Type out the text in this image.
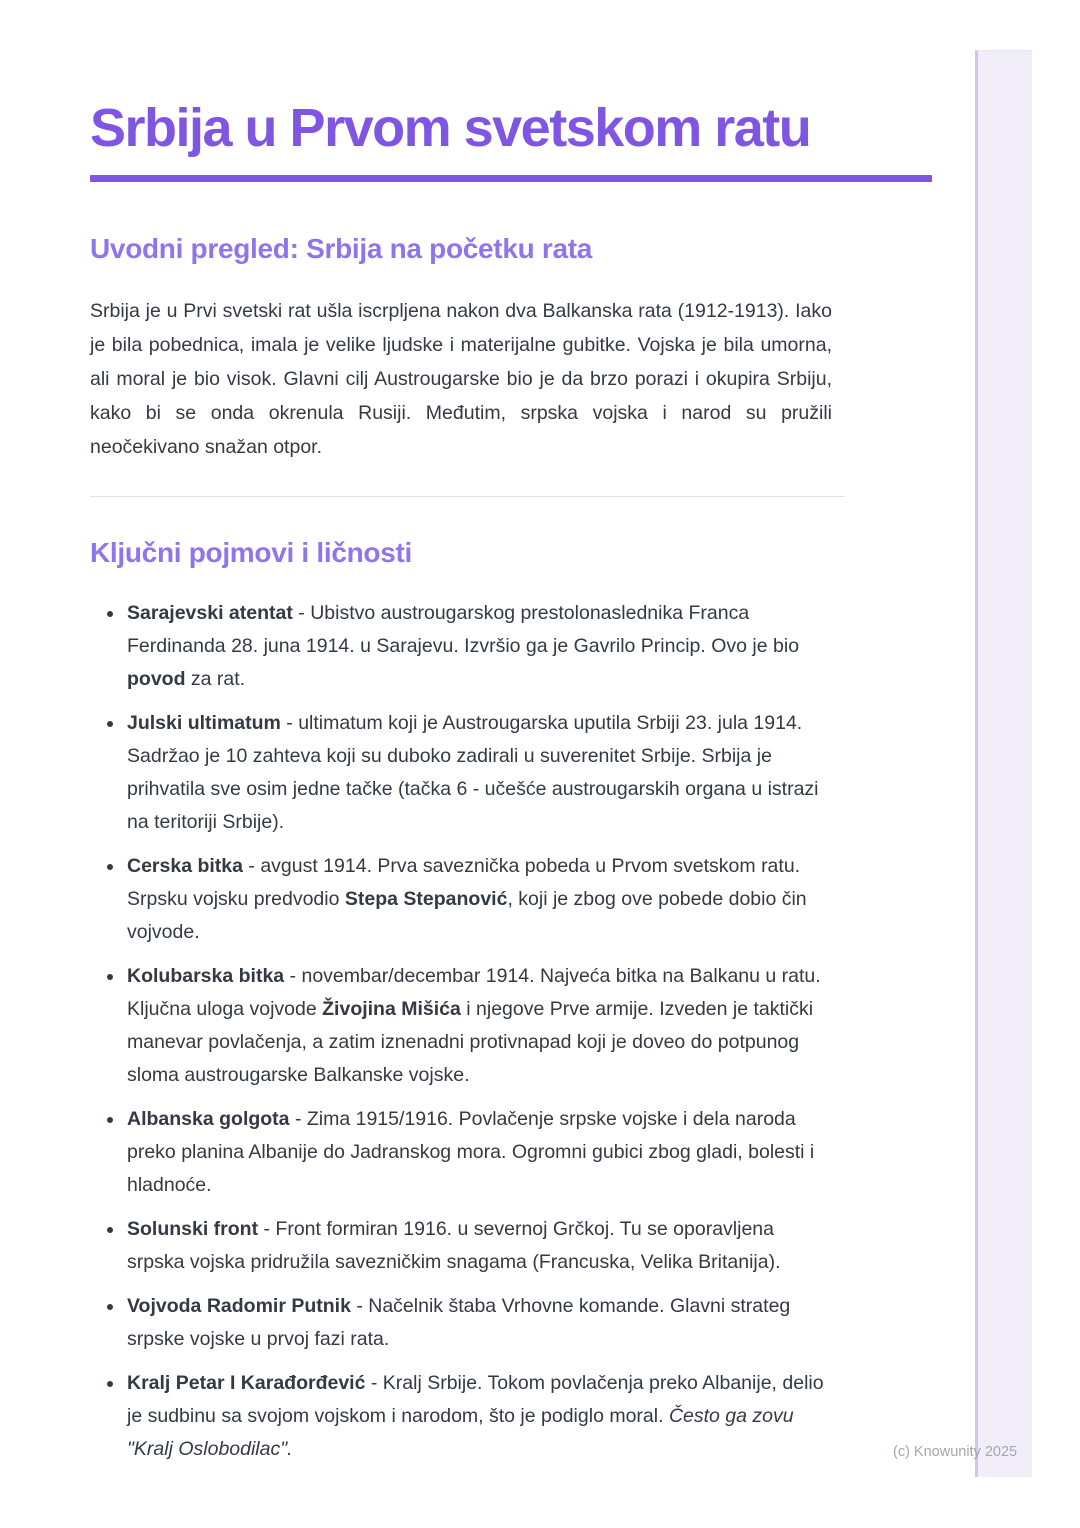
Srbija u Prvom svetskom ratu
Uvodni pregled: Srbija na početku rata

Srbija je u Prvi svetski rat ušla iscrpljena nakon dva Balkanska rata (1912-1913). Iako je bila pobednica, imala je velike ljudske i materijalne gubitke. Vojska je bila umorna, ali moral je bio visok. Glavni cilj Austrougarske bio je da brzo porazi i okupira Srbiju, kako bi se onda okrenula Rusiji. Međutim, srpska vojska i narod su pružili neočekivano snažan otpor.

Ključni pojmovi i ličnosti
Sarajevski atentat - Ubistvo austrougarskog prestolonaslednika Franca Ferdinanda 28. juna 1914. u Sarajevu. Izvršio ga je Gavrilo Princip. Ovo je bio povod za rat.
Julski ultimatum - ultimatum koji je Austrougarska uputila Srbiji 23. jula 1914. Sadržao je 10 zahteva koji su duboko zadirali u suverenitet Srbije. Srbija je prihvatila sve osim jedne tačke (tačka 6 - učešće austrougarskih organa u istrazi na teritoriji Srbije).
Cerska bitka - avgust 1914. Prva saveznička pobeda u Prvom svetskom ratu. Srpsku vojsku predvodio Stepa Stepanović, koji je zbog ove pobede dobio čin vojvode.
Kolubarska bitka - novembar/decembar 1914. Najveća bitka na Balkanu u ratu. Ključna uloga vojvode Živojina Mišića i njegove Prve armije. Izveden je taktički manevar povlačenja, a zatim iznenadni protivnapad koji je doveo do potpunog sloma austrougarske Balkanske vojske.
Albanska golgota - Zima 1915/1916. Povlačenje srpske vojske i dela naroda preko planina Albanije do Jadranskog mora. Ogromni gubici zbog gladi, bolesti i hladnoće.
Solunski front - Front formiran 1916. u severnoj Grčkoj. Tu se oporavljena srpska vojska pridružila savezničkim snagama (Francuska, Velika Britanija).
Vojvoda Radomir Putnik - Načelnik štaba Vrhovne komande. Glavni strateg srpske vojske u prvoj fazi rata.
Kralj Petar I Karađorđević - Kralj Srbije. Tokom povlačenja preko Albanije, delio je sudbinu sa svojom vojskom i narodom, što je podiglo moral. Često ga zovu "Kralj Oslobodilac".	(c) Knowunity 2025
